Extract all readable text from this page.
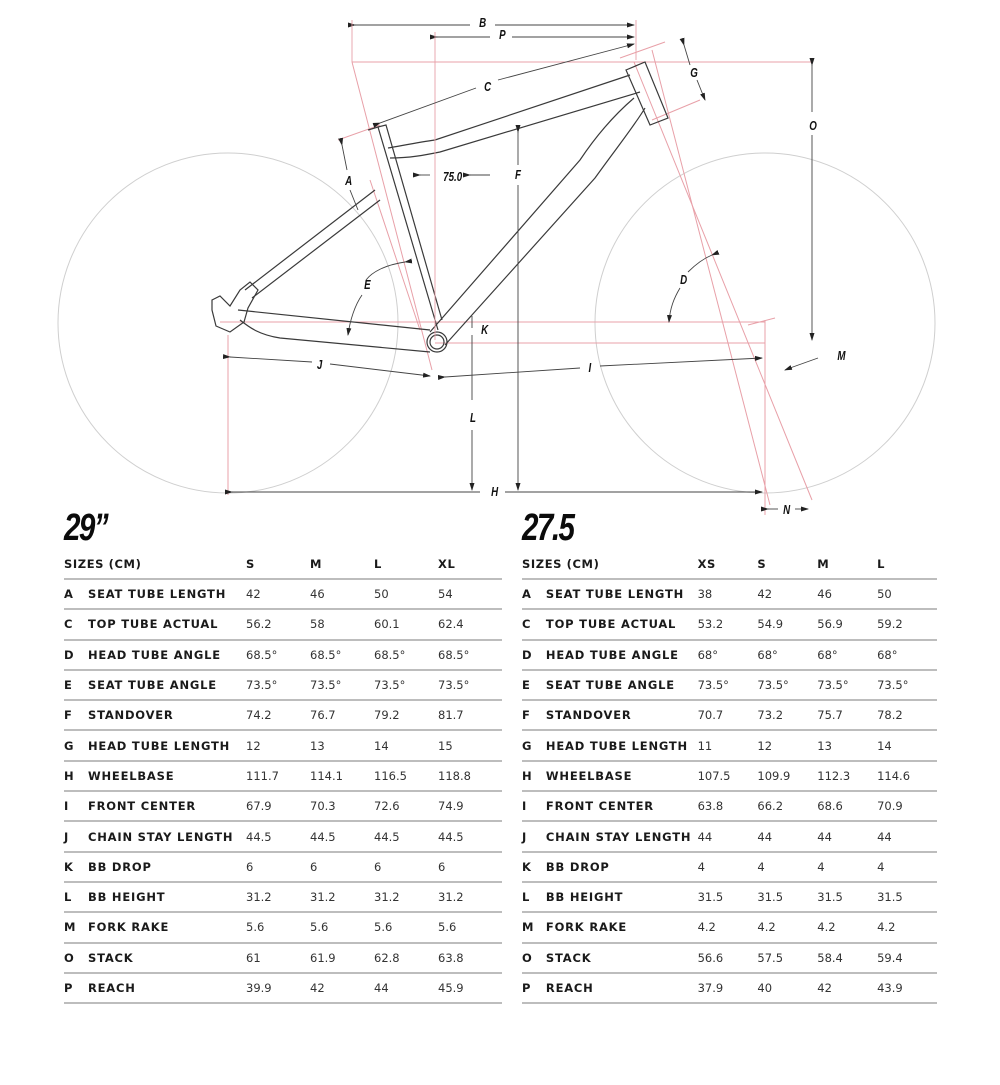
B
P
C
G
O
A	75.0	F
E	D
K
J	I
M
L
H
N
29”
SIZES (CM)		S	M	L	XL
A	SEAT TUBE LENGTH	42	46	50	54
C	TOP TUBE ACTUAL	56.2	58	60.1	62.4
D	HEAD TUBE ANGLE	68.5°	68.5°	68.5°	68.5°
E	SEAT TUBE ANGLE	73.5°	73.5°	73.5°	73.5°
F	STANDOVER	74.2	76.7	79.2	81.7
G	HEAD TUBE LENGTH	12	13	14	15
H	WHEELBASE	111.7	114.1	116.5	118.8
I	FRONT CENTER	67.9	70.3	72.6	74.9
J	CHAIN STAY LENGTH	44.5	44.5	44.5	44.5
K	BB DROP	6	6	6	6
L	BB HEIGHT	31.2	31.2	31.2	31.2
M	FORK RAKE	5.6	5.6	5.6	5.6
O	STACK	61	61.9	62.8	63.8
P	REACH	39.9	42	44	45.9
27.5
SIZES (CM)		XS	S	M	L
A	SEAT TUBE LENGTH	38	42	46	50
C	TOP TUBE ACTUAL	53.2	54.9	56.9	59.2
D	HEAD TUBE ANGLE	68°	68°	68°	68°
E	SEAT TUBE ANGLE	73.5°	73.5°	73.5°	73.5°
F	STANDOVER	70.7	73.2	75.7	78.2
G	HEAD TUBE LENGTH	11	12	13	14
H	WHEELBASE	107.5	109.9	112.3	114.6
I	FRONT CENTER	63.8	66.2	68.6	70.9
J	CHAIN STAY LENGTH	44	44	44	44
K	BB DROP	4	4	4	4
L	BB HEIGHT	31.5	31.5	31.5	31.5
M	FORK RAKE	4.2	4.2	4.2	4.2
O	STACK	56.6	57.5	58.4	59.4
P	REACH	37.9	40	42	43.9
